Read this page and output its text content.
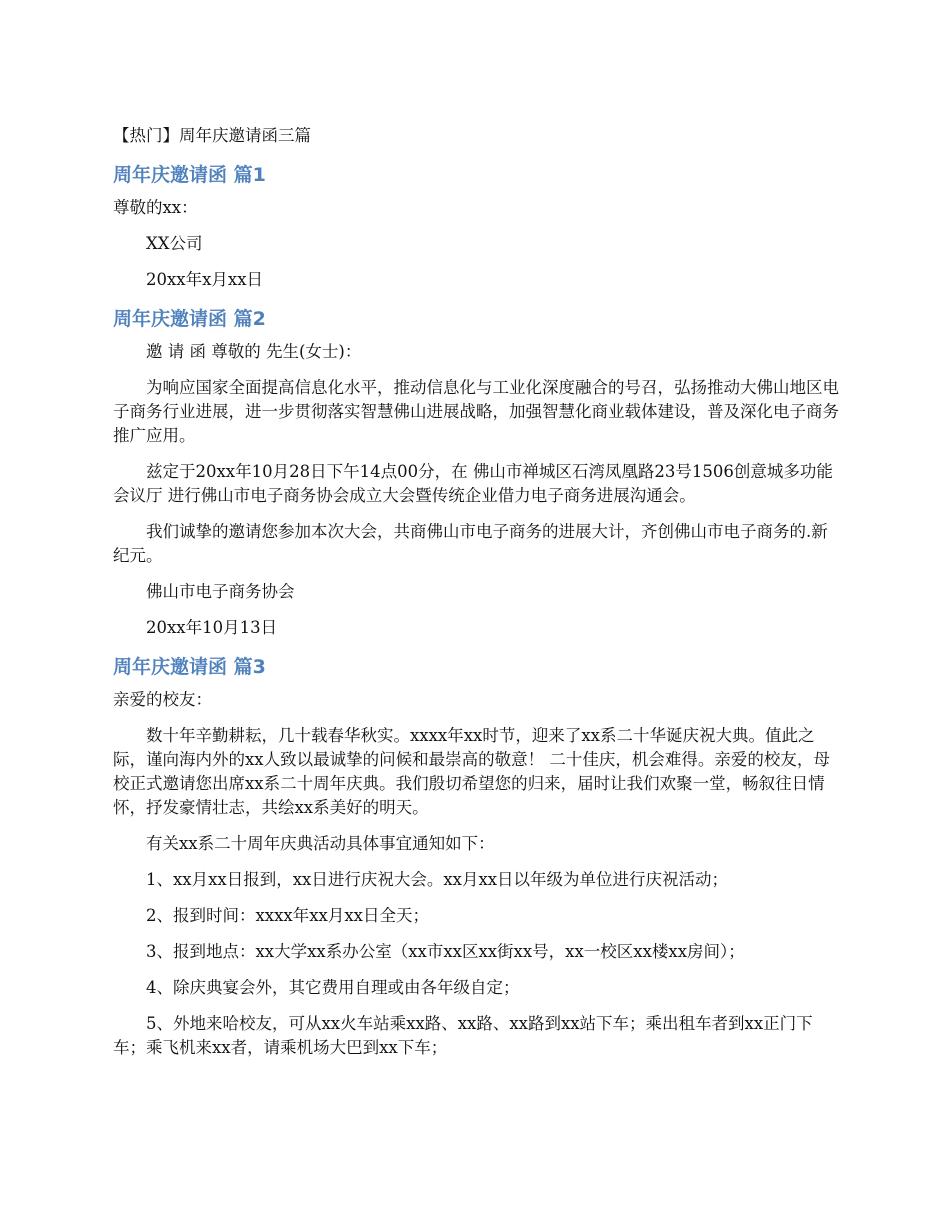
【热门】周年庆邀请函三篇

周年庆邀请函 篇1

尊敬的xx：

XX公司

20xx年x月xx日

周年庆邀请函 篇2

邀 请 函 尊敬的 先生(女士)：

为响应国家全面提高信息化水平，推动信息化与工业化深度融合的号召，弘扬推动大佛山地区电子商务行业进展，进一步贯彻落实智慧佛山进展战略，加强智慧化商业载体建设，普及深化电子商务推广应用。

兹定于20xx年10月28日下午14点00分，在 佛山市禅城区石湾凤凰路23号1506创意城多功能会议厅 进行佛山市电子商务协会成立大会暨传统企业借力电子商务进展沟通会。

我们诚挚的邀请您参加本次大会，共商佛山市电子商务的进展大计，齐创佛山市电子商务的.新纪元。

佛山市电子商务协会

20xx年10月13日

周年庆邀请函 篇3

亲爱的校友：

数十年辛勤耕耘，几十载春华秋实。xxxx年xx时节，迎来了xx系二十华诞庆祝大典。值此之际，谨向海内外的xx人致以最诚挚的问候和最崇高的敬意！ 二十佳庆，机会难得。亲爱的校友，母校正式邀请您出席xx系二十周年庆典。我们殷切希望您的归来，届时让我们欢聚一堂，畅叙往日情怀，抒发豪情壮志，共绘xx系美好的明天。

有关xx系二十周年庆典活动具体事宜通知如下：

1、xx月xx日报到，xx日进行庆祝大会。xx月xx日以年级为单位进行庆祝活动；

2、报到时间：xxxx年xx月xx日全天；

3、报到地点：xx大学xx系办公室（xx市xx区xx街xx号，xx一校区xx楼xx房间）；

4、除庆典宴会外，其它费用自理或由各年级自定；

5、外地来哈校友，可从xx火车站乘xx路、xx路、xx路到xx站下车；乘出租车者到xx正门下车；乘飞机来xx者，请乘机场大巴到xx下车；
